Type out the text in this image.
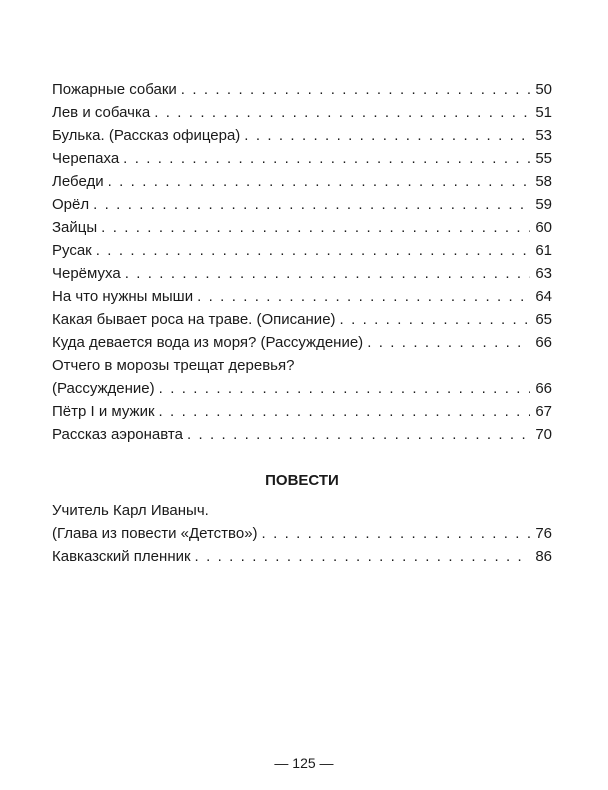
Пожарные собаки . . .	50
Лев и собачка . . .	51
Булька. (Рассказ офицера) . . .	53
Черепаха . . .	55
Лебеди . . .	58
Орёл . . .	59
Зайцы . . .	60
Русак . . .	61
Черёмуха . . .	63
На что нужны мыши . . .	64
Какая бывает роса на траве. (Описание) . . .	65
Куда девается вода из моря? (Рассуждение) . . .	66
Отчего в морозы трещат деревья?
(Рассуждение) . . .	66
Пётр I и мужик . . .	67
Рассказ аэронавта . . .	70
ПОВЕСТИ
Учитель Карл Иваныч.
(Глава из повести «Детство») . . .	76
Кавказский пленник . . .	86
— 125 —
